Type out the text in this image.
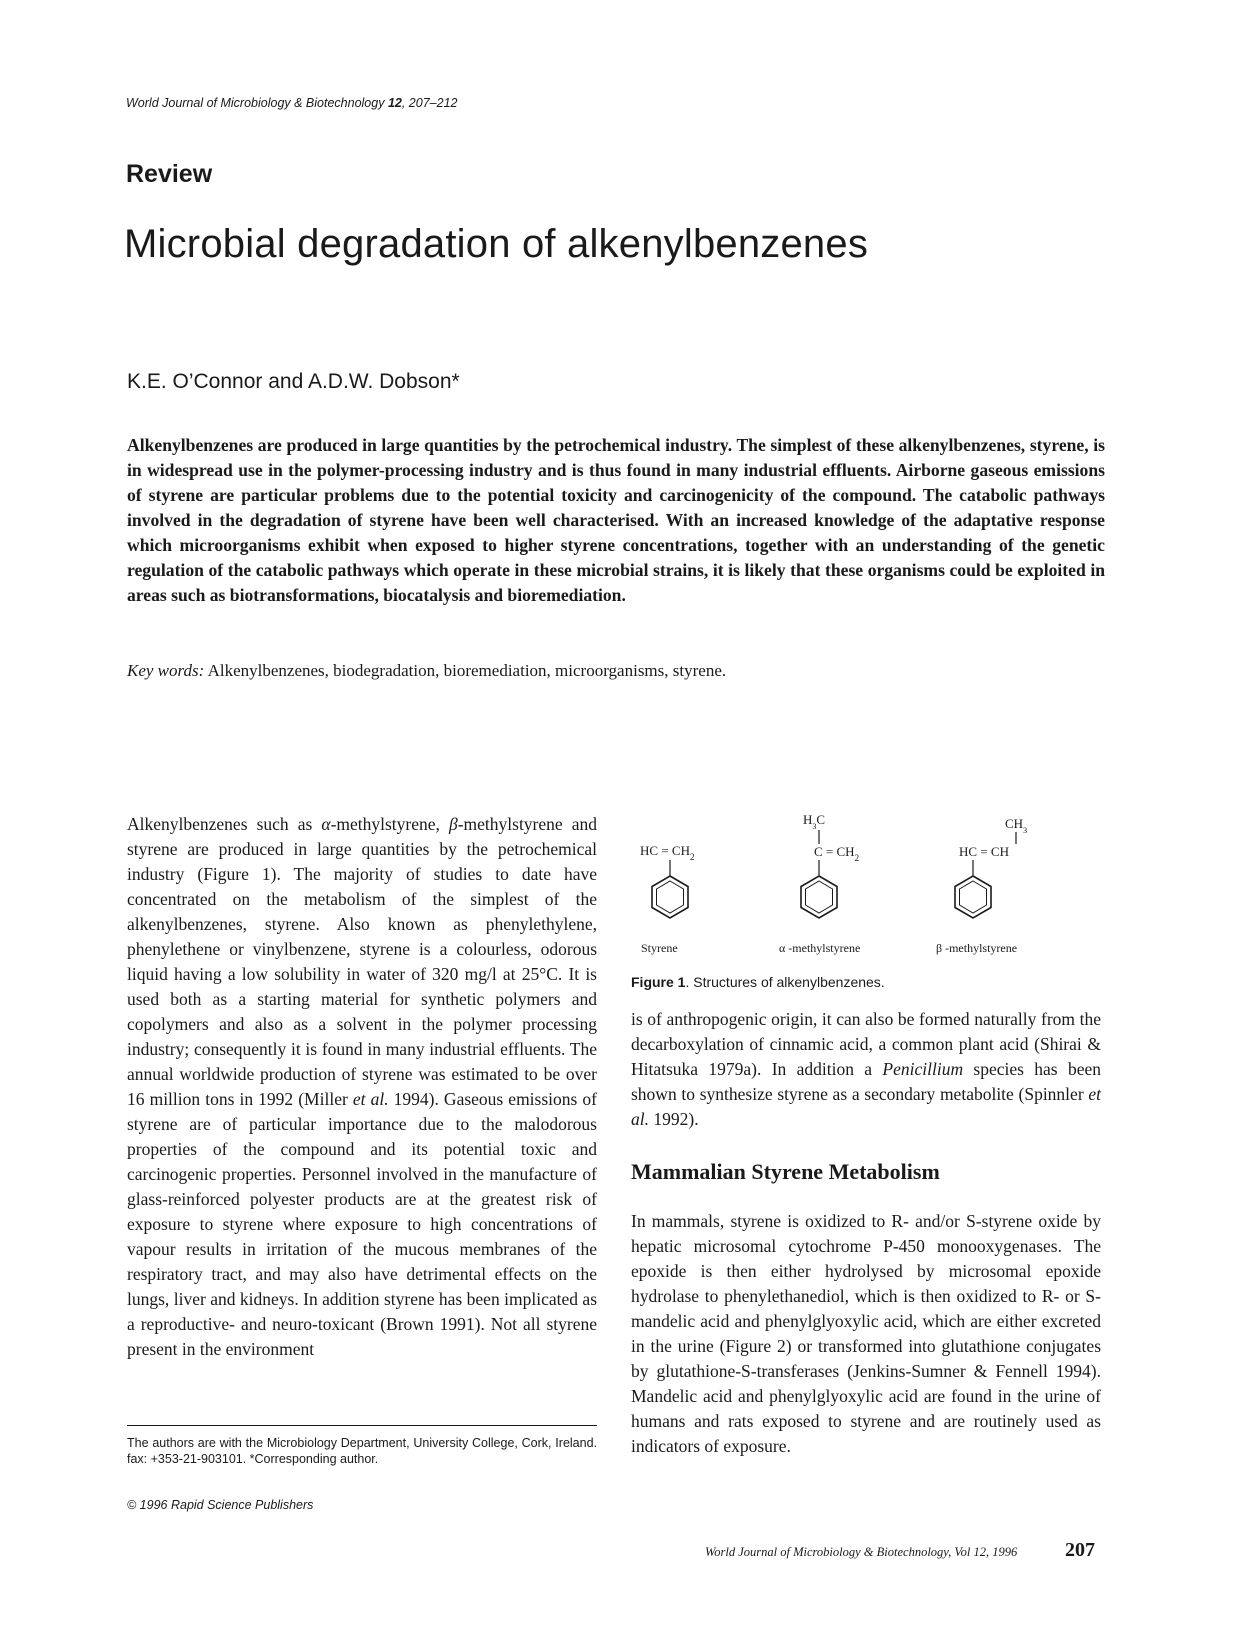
World Journal of Microbiology & Biotechnology 12, 207–212
Review
Microbial degradation of alkenylbenzenes
K.E. O’Connor and A.D.W. Dobson*
Alkenylbenzenes are produced in large quantities by the petrochemical industry. The simplest of these alkenylbenzenes, styrene, is in widespread use in the polymer-processing industry and is thus found in many industrial effluents. Airborne gaseous emissions of styrene are particular problems due to the potential toxicity and carcinogenicity of the compound. The catabolic pathways involved in the degradation of styrene have been well characterised. With an increased knowledge of the adaptative response which microorganisms exhibit when exposed to higher styrene concentrations, together with an understanding of the genetic regulation of the catabolic pathways which operate in these microbial strains, it is likely that these organisms could be exploited in areas such as biotransformations, biocatalysis and bioremediation.
Key words: Alkenylbenzenes, biodegradation, bioremediation, microorganisms, styrene.
Alkenylbenzenes such as α-methylstyrene, β-methylstyrene and styrene are produced in large quantities by the petrochemical industry (Figure 1). The majority of studies to date have concentrated on the metabolism of the simplest of the alkenylbenzenes, styrene. Also known as phenylethylene, phenylethene or vinylbenzene, styrene is a colourless, odorous liquid having a low solubility in water of 320 mg/l at 25°C. It is used both as a starting material for synthetic polymers and copolymers and also as a solvent in the polymer processing industry; consequently it is found in many industrial effluents. The annual worldwide production of styrene was estimated to be over 16 million tons in 1992 (Miller et al. 1994). Gaseous emissions of styrene are of particular importance due to the malodorous properties of the compound and its potential toxic and carcinogenic properties. Personnel involved in the manufacture of glass-reinforced polyester products are at the greatest risk of exposure to styrene where exposure to high concentrations of vapour results in irritation of the mucous membranes of the respiratory tract, and may also have detrimental effects on the lungs, liver and kidneys. In addition styrene has been implicated as a reproductive- and neuro-toxicant (Brown 1991). Not all styrene present in the environment
HC = $CH_2$
Styrene
$H_3C$
$C = CH_2$
α -methylstyrene
$CH_3$
HC = CH
β -methylstyrene
Figure 1. Structures of alkenylbenzenes.
is of anthropogenic origin, it can also be formed naturally from the decarboxylation of cinnamic acid, a common plant acid (Shirai & Hitatsuka 1979a). In addition a Penicillium species has been shown to synthesize styrene as a secondary metabolite (Spinnler et al. 1992).
Mammalian Styrene Metabolism
In mammals, styrene is oxidized to R- and/or S-styrene oxide by hepatic microsomal cytochrome P-450 monooxygenases. The epoxide is then either hydrolysed by microsomal epoxide hydrolase to phenylethanediol, which is then oxidized to R- or S-mandelic acid and phenylglyoxylic acid, which are either excreted in the urine (Figure 2) or transformed into glutathione conjugates by glutathione-S-transferases (Jenkins-Sumner & Fennell 1994). Mandelic acid and phenylglyoxylic acid are found in the urine of humans and rats exposed to styrene and are routinely used as indicators of exposure.
The authors are with the Microbiology Department, University College, Cork, Ireland. fax: +353-21-903101. *Corresponding author.
© 1996 Rapid Science Publishers
World Journal of Microbiology & Biotechnology, Vol 12, 1996 207
